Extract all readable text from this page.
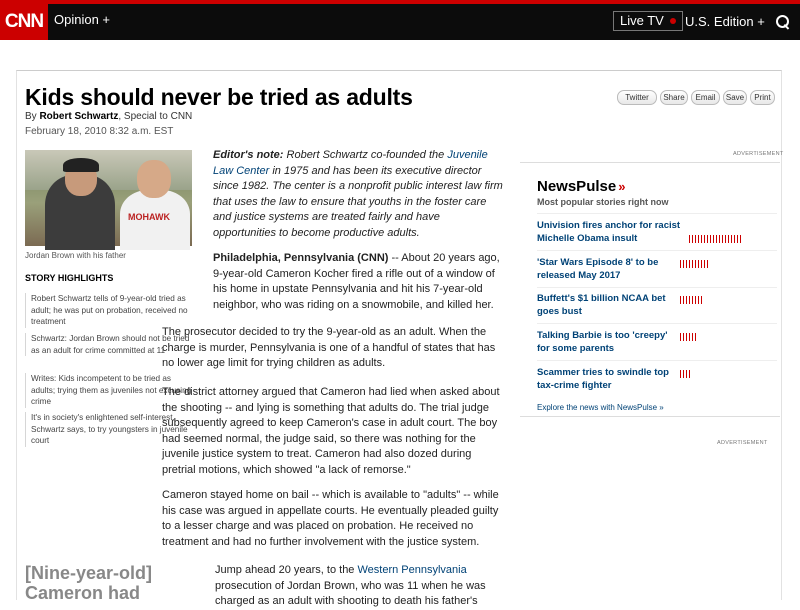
CNN Opinion +	Live TV	U.S. Edition +
Kids should never be tried as adults
By Robert Schwartz, Special to CNN
February 18, 2010 8:32 a.m. EST
Twitter	Share	Email	Save	Print
MOHAWK
Jordan Brown with his father
STORY HIGHLIGHTS
Robert Schwartz tells of 9-year-old tried as adult; he was put on probation, received no treatment
Schwartz: Jordan Brown should not be tried as an adult for crime committed at 11
Writes: Kids incompetent to be tried as adults; trying them as juveniles not excusing crime
It's in society's enlightened self-interest, Schwartz says, to try youngsters in juvenile court
Editor's note: Robert Schwartz co-founded the Juvenile Law Center in 1975 and has been its executive director since 1982. The center is a nonprofit public interest law firm that uses the law to ensure that youths in the foster care and justice systems are treated fairly and have opportunities to become productive adults.
Philadelphia, Pennsylvania (CNN) -- About 20 years ago, 9-year-old Cameron Kocher fired a rifle out of a window of his home in upstate Pennsylvania and hit his 7-year-old neighbor, who was riding on a snowmobile, and killed her.
The prosecutor decided to try the 9-year-old as an adult. When the charge is murder, Pennsylvania is one of a handful of states that has no lower age limit for trying children as adults.
The district attorney argued that Cameron had lied when asked about the shooting -- and lying is something that adults do. The trial judge subsequently agreed to keep Cameron's case in adult court. The boy had seemed normal, the judge said, so there was nothing for the juvenile justice system to treat. Cameron had also dozed during pretrial motions, which showed "a lack of remorse."
Cameron stayed home on bail -- which is available to "adults" -- while his case was argued in appellate courts. He eventually pleaded guilty to a lesser charge and was placed on probation. He received no treatment and had no further involvement with the justice system.
Jump ahead 20 years, to the Western Pennsylvania prosecution of Jordan Brown, who was 11 when he was charged as an adult with shooting to death his father's
[Nine-year-old] Cameron had
ADVERTISEMENT
NewsPulse »
Most popular stories right now
Univision fires anchor for racist Michelle Obama insult
'Star Wars Episode 8' to be released May 2017
Buffett's $1 billion NCAA bet goes bust
Talking Barbie is too 'creepy' for some parents
Scammer tries to swindle top tax-crime fighter
Explore the news with NewsPulse »
ADVERTISEMENT
